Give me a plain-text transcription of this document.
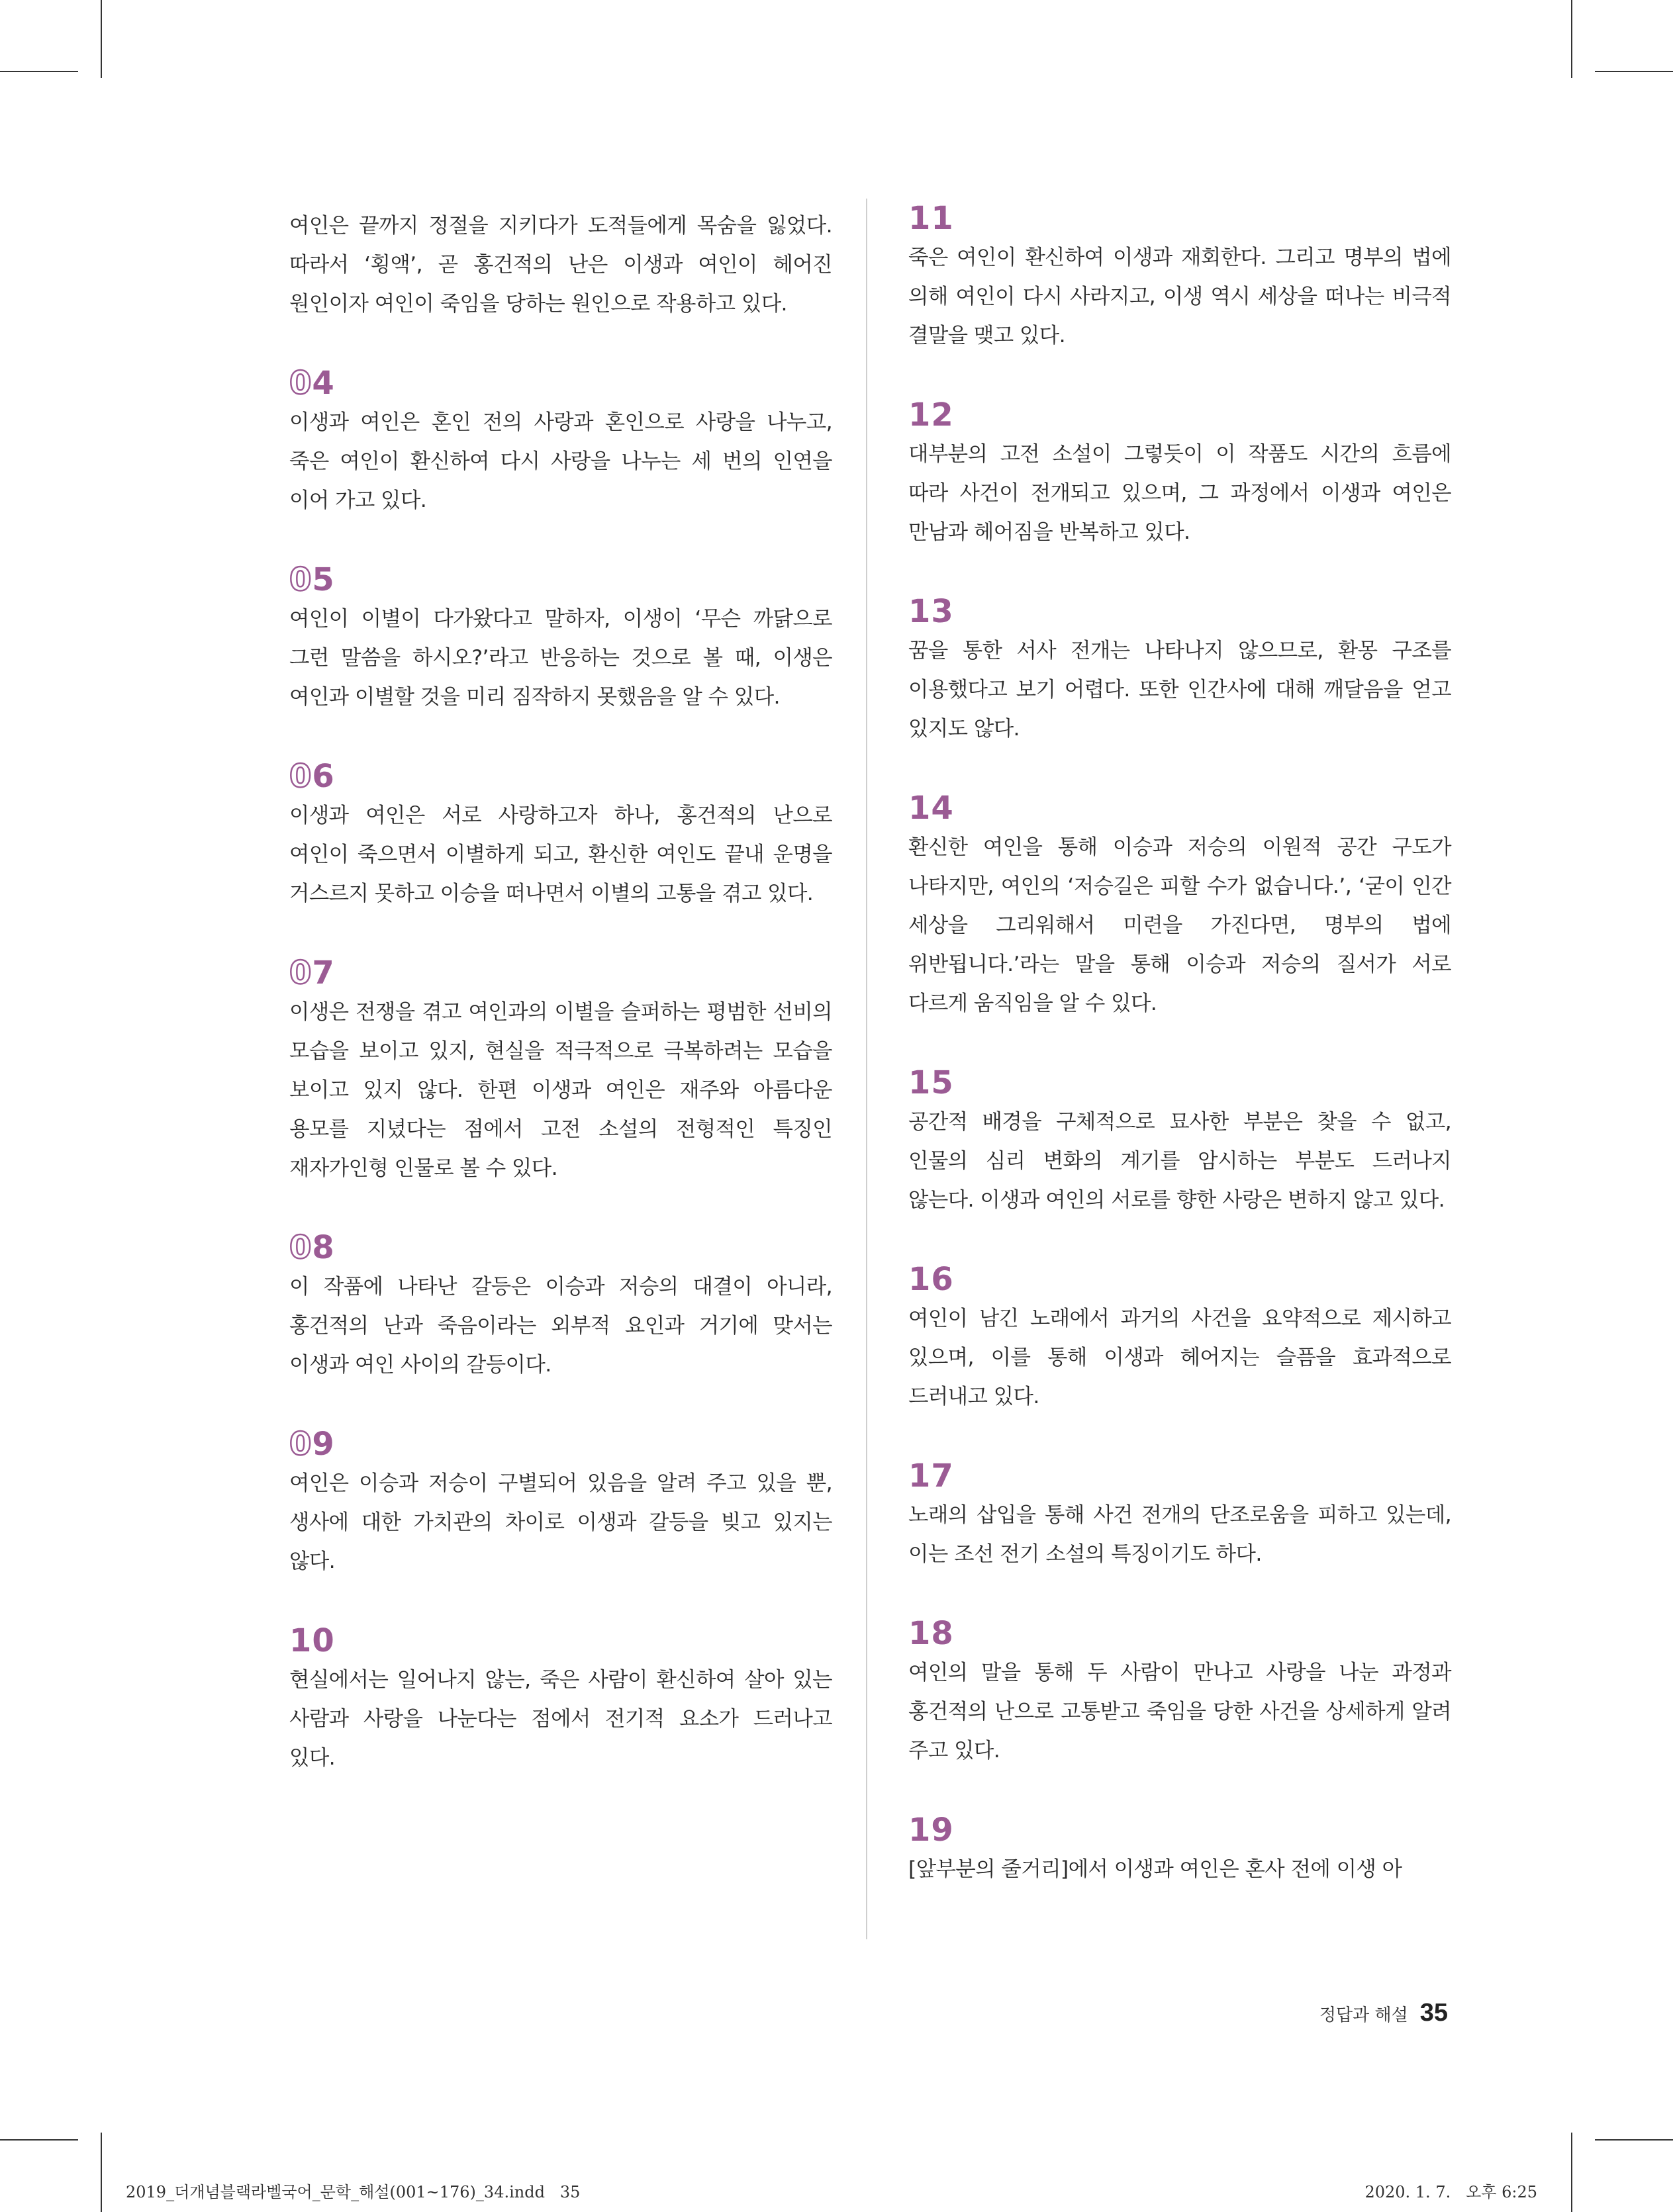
여인은 끝까지 정절을 지키다가 도적들에게 목숨을 잃었다. 따라서 ‘횡액’, 곧 홍건적의 난은 이생과 여인이 헤어진 원인이자 여인이 죽임을 당하는 원인으로 작용하고 있다.

04

이생과 여인은 혼인 전의 사랑과 혼인으로 사랑을 나누고, 죽은 여인이 환신하여 다시 사랑을 나누는 세 번의 인연을 이어 가고 있다.

05

여인이 이별이 다가왔다고 말하자, 이생이 ‘무슨 까닭으로 그런 말씀을 하시오?’라고 반응하는 것으로 볼 때, 이생은 여인과 이별할 것을 미리 짐작하지 못했음을 알 수 있다.

06

이생과 여인은 서로 사랑하고자 하나, 홍건적의 난으로 여인이 죽으면서 이별하게 되고, 환신한 여인도 끝내 운명을 거스르지 못하고 이승을 떠나면서 이별의 고통을 겪고 있다.

07

이생은 전쟁을 겪고 여인과의 이별을 슬퍼하는 평범한 선비의 모습을 보이고 있지, 현실을 적극적으로 극복하려는 모습을 보이고 있지 않다. 한편 이생과 여인은 재주와 아름다운 용모를 지녔다는 점에서 고전 소설의 전형적인 특징인 재자가인형 인물로 볼 수 있다.

08

이 작품에 나타난 갈등은 이승과 저승의 대결이 아니라, 홍건적의 난과 죽음이라는 외부적 요인과 거기에 맞서는 이생과 여인 사이의 갈등이다.

09

여인은 이승과 저승이 구별되어 있음을 알려 주고 있을 뿐, 생사에 대한 가치관의 차이로 이생과 갈등을 빚고 있지는 않다.

10

현실에서는 일어나지 않는, 죽은 사람이 환신하여 살아 있는 사람과 사랑을 나눈다는 점에서 전기적 요소가 드러나고 있다.

11

죽은 여인이 환신하여 이생과 재회한다. 그리고 명부의 법에 의해 여인이 다시 사라지고, 이생 역시 세상을 떠나는 비극적 결말을 맺고 있다.

12

대부분의 고전 소설이 그렇듯이 이 작품도 시간의 흐름에 따라 사건이 전개되고 있으며, 그 과정에서 이생과 여인은 만남과 헤어짐을 반복하고 있다.

13

꿈을 통한 서사 전개는 나타나지 않으므로, 환몽 구조를 이용했다고 보기 어렵다. 또한 인간사에 대해 깨달음을 얻고 있지도 않다.

14

환신한 여인을 통해 이승과 저승의 이원적 공간 구도가 나타지만, 여인의 ‘저승길은 피할 수가 없습니다.’, ‘굳이 인간 세상을 그리워해서 미련을 가진다면, 명부의 법에 위반됩니다.’라는 말을 통해 이승과 저승의 질서가 서로 다르게 움직임을 알 수 있다.

15

공간적 배경을 구체적으로 묘사한 부분은 찾을 수 없고, 인물의 심리 변화의 계기를 암시하는 부분도 드러나지 않는다. 이생과 여인의 서로를 향한 사랑은 변하지 않고 있다.

16

여인이 남긴 노래에서 과거의 사건을 요약적으로 제시하고 있으며, 이를 통해 이생과 헤어지는 슬픔을 효과적으로 드러내고 있다.

17

노래의 삽입을 통해 사건 전개의 단조로움을 피하고 있는데, 이는 조선 전기 소설의 특징이기도 하다.

18

여인의 말을 통해 두 사람이 만나고 사랑을 나눈 과정과 홍건적의 난으로 고통받고 죽임을 당한 사건을 상세하게 알려 주고 있다.

19

[앞부분의 줄거리]에서 이생과 여인은 혼사 전에 이생 아

정답과 해설 35
2019_더개념블랙라벨국어_문학_해설(001~176)_34.indd   35	2020. 1. 7.   오후 6:25
